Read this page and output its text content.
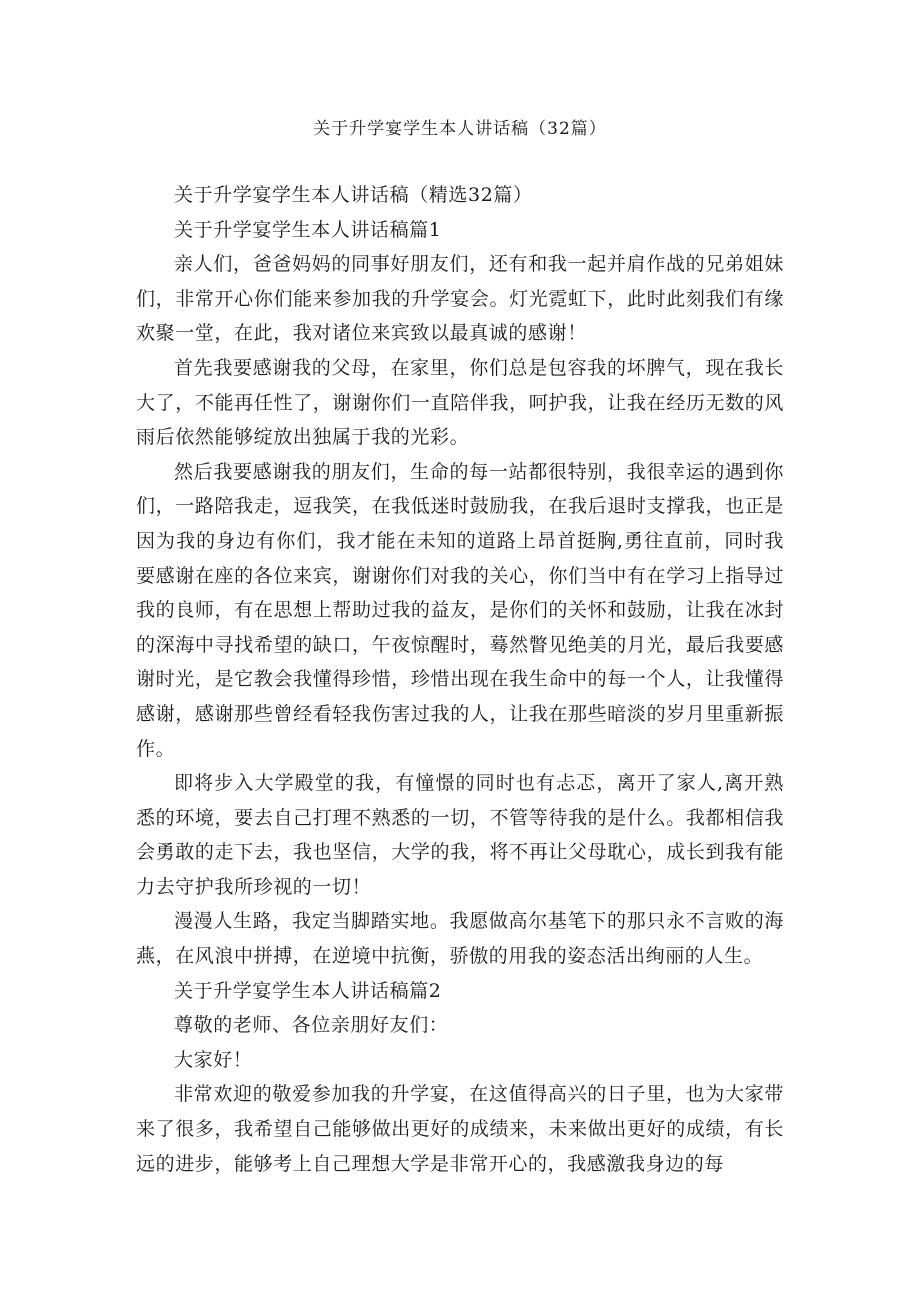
关于升学宴学生本人讲话稿（32篇）

关于升学宴学生本人讲话稿（精选32篇）

关于升学宴学生本人讲话稿篇1

亲人们，爸爸妈妈的同事好朋友们，还有和我一起并肩作战的兄弟姐妹们，非常开心你们能来参加我的升学宴会。灯光霓虹下，此时此刻我们有缘欢聚一堂，在此，我对诸位来宾致以最真诚的感谢！

首先我要感谢我的父母，在家里，你们总是包容我的坏脾气，现在我长大了，不能再任性了，谢谢你们一直陪伴我，呵护我，让我在经历无数的风雨后依然能够绽放出独属于我的光彩。

然后我要感谢我的朋友们，生命的每一站都很特别，我很幸运的遇到你们，一路陪我走，逗我笑，在我低迷时鼓励我，在我后退时支撑我，也正是因为我的身边有你们，我才能在未知的道路上昂首挺胸,勇往直前，同时我要感谢在座的各位来宾，谢谢你们对我的关心，你们当中有在学习上指导过我的良师，有在思想上帮助过我的益友，是你们的关怀和鼓励，让我在冰封的深海中寻找希望的缺口，午夜惊醒时，蓦然瞥见绝美的月光，最后我要感谢时光，是它教会我懂得珍惜，珍惜出现在我生命中的每一个人，让我懂得感谢，感谢那些曾经看轻我伤害过我的人，让我在那些暗淡的岁月里重新振作。

即将步入大学殿堂的我，有憧憬的同时也有忐忑，离开了家人,离开熟悉的环境，要去自己打理不熟悉的一切，不管等待我的是什么。我都相信我会勇敢的走下去，我也坚信，大学的我，将不再让父母耽心，成长到我有能力去守护我所珍视的一切！

漫漫人生路，我定当脚踏实地。我愿做高尔基笔下的那只永不言败的海燕，在风浪中拼搏，在逆境中抗衡，骄傲的用我的姿态活出绚丽的人生。

关于升学宴学生本人讲话稿篇2

尊敬的老师、各位亲朋好友们：

大家好！

非常欢迎的敬爱参加我的升学宴，在这值得高兴的日子里，也为大家带来了很多，我希望自己能够做出更好的成绩来，未来做出更好的成绩，有长远的进步，能够考上自己理想大学是非常开心的，我感激我身边的每
